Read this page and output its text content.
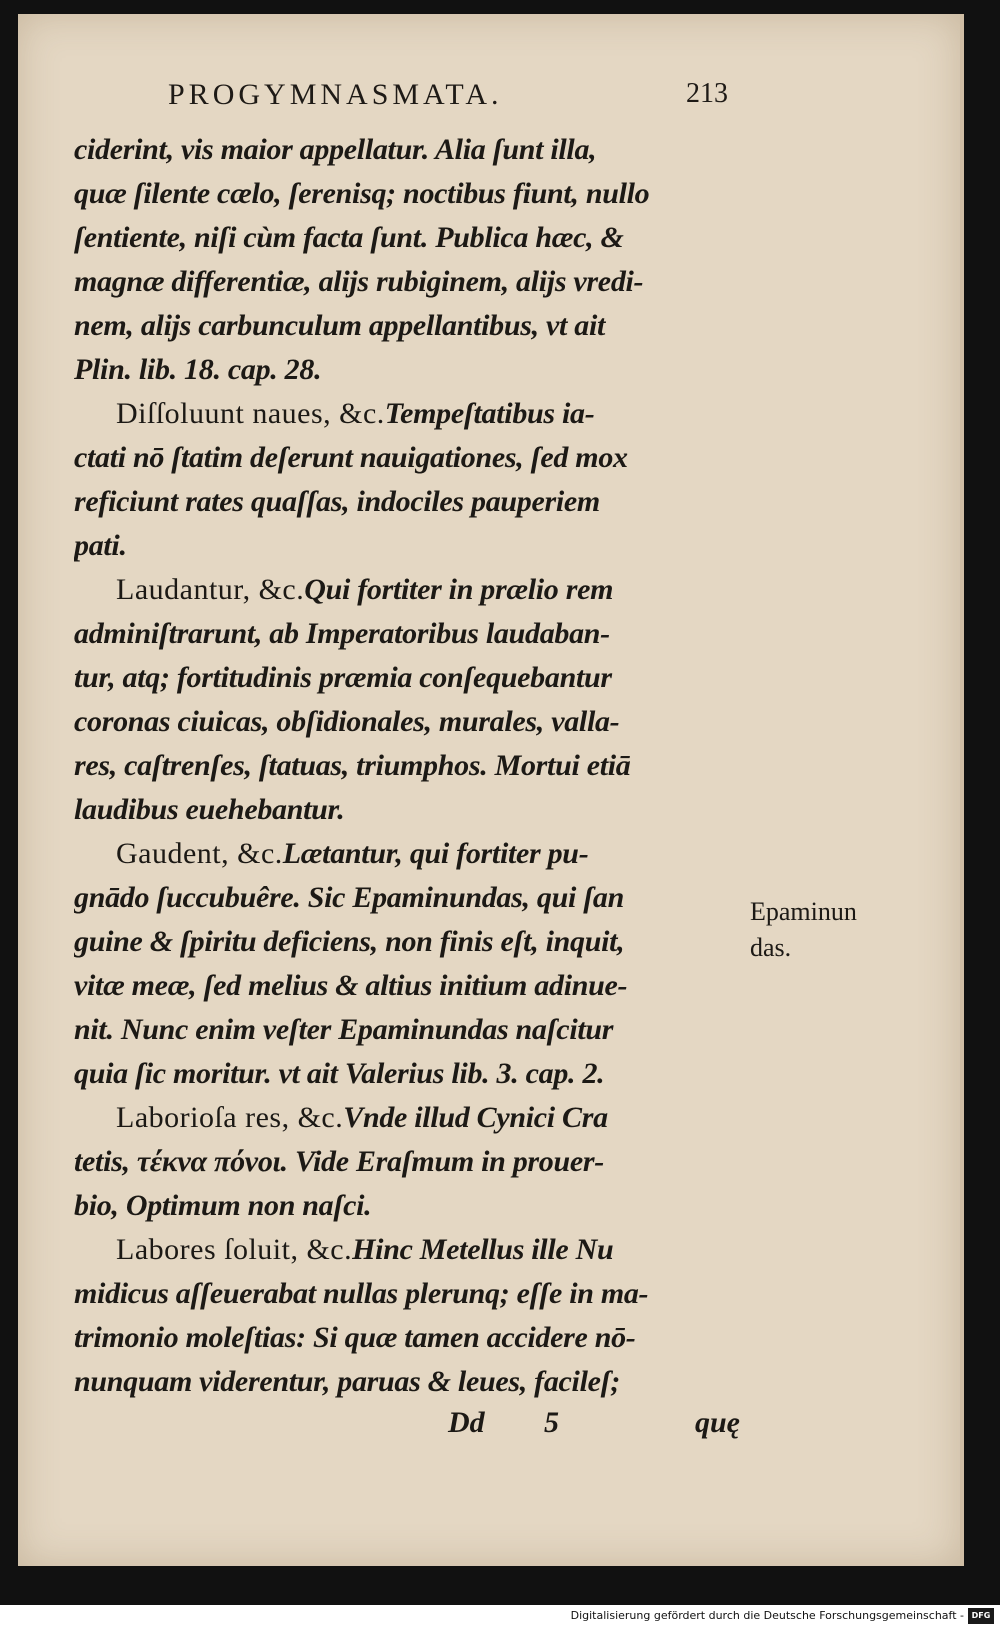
PROGYMNASMATA.	213
ciderint, vis maior appellatur. Alia ſunt illa,
quæ ſilente cælo, ſerenisq; noctibus fiunt, nullo
ſentiente, niſi cùm facta ſunt. Publica hæc, &
magnæ differentiæ, alijs rubiginem, alijs vredi-
nem, alijs carbunculum appellantibus, vt ait
Plin. lib. 18. cap. 28.
Diſſoluunt naues, &c.Tempeſtatibus ia-
ctati nō ſtatim deſerunt nauigationes, ſed mox
reficiunt rates quaſſas, indociles pauperiem
pati.
Laudantur, &c.Qui fortiter in prælio rem
adminiſtrarunt, ab Imperatoribus laudaban-
tur, atq; fortitudinis præmia conſequebantur
coronas ciuicas, obſidionales, murales, valla-
res, caſtrenſes, ſtatuas, triumphos. Mortui etiā
laudibus euehebantur.
Gaudent, &c.Lætantur, qui fortiter pu-
gnādo ſuccubuêre. Sic Epaminundas, qui ſan
guine & ſpiritu deficiens, non finis eſt, inquit,
vitæ meæ, ſed melius & altius initium adinue-
nit. Nunc enim veſter Epaminundas naſcitur
quia ſic moritur. vt ait Valerius lib. 3. cap. 2.
Laborioſa res, &c.Vnde illud Cynici Cra
tetis, τέκνα πόνοι. Vide Eraſmum in prouer-
bio, Optimum non naſci.
Labores ſoluit, &c.Hinc Metellus ille Nu
midicus aſſeuerabat nullas plerunq; eſſe in ma-
trimonio moleſtias: Si quæ tamen accidere nō-
nunquam viderentur, paruas & leues, facileſ;
Epaminun
das.
Dd 5	quę
Digitalisierung gefördert durch die Deutsche Forschungsgemeinschaft - DFG
